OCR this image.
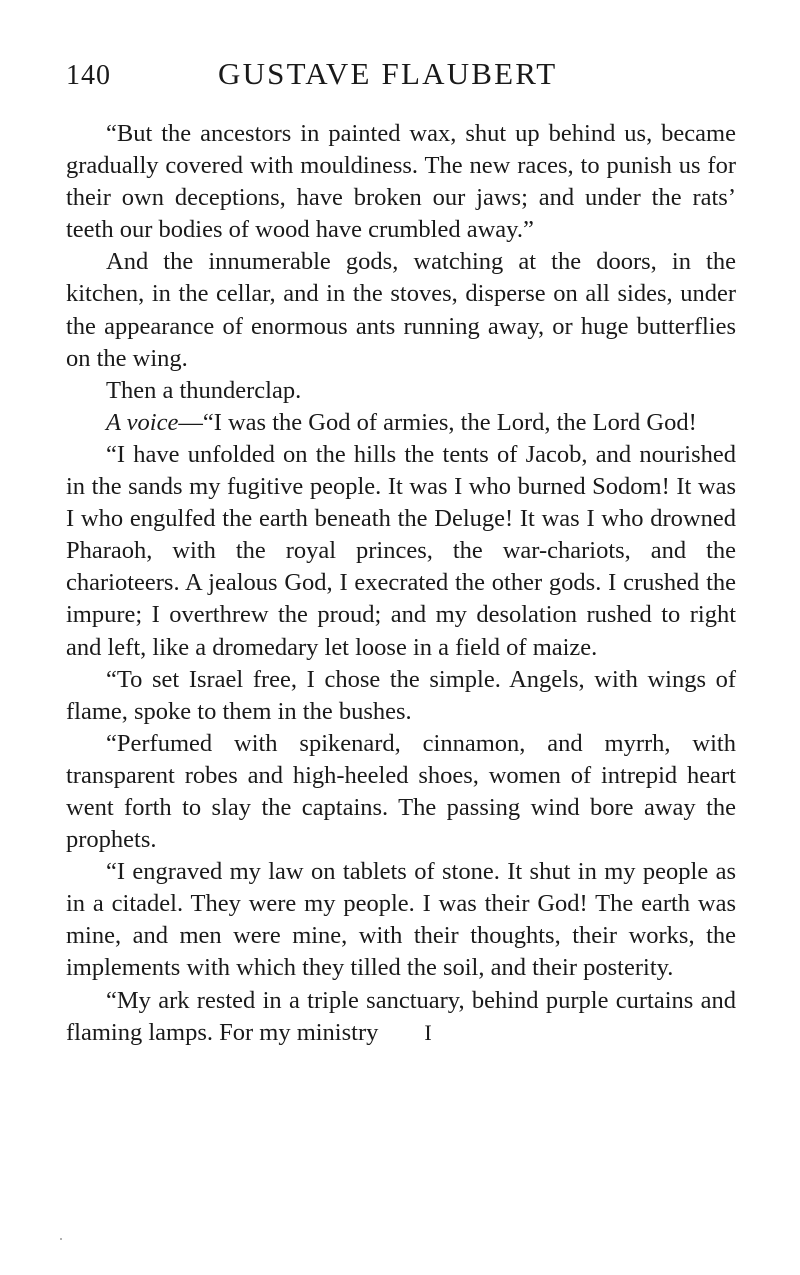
140	GUSTAVE FLAUBERT

“But the ancestors in painted wax, shut up behind us, became gradually covered with mouldiness. The new races, to punish us for their own deceptions, have broken our jaws; and under the rats’ teeth our bodies of wood have crumbled away.”

And the innumerable gods, watching at the doors, in the kitchen, in the cellar, and in the stoves, disperse on all sides, under the appearance of enormous ants running away, or huge butterflies on the wing.

Then a thunderclap.

A voice—“I was the God of armies, the Lord, the Lord God!

“I have unfolded on the hills the tents of Jacob, and nourished in the sands my fugitive people. It was I who burned Sodom! It was I who engulfed the earth beneath the Deluge! It was I who drowned Pharaoh, with the royal princes, the war-chariots, and the charioteers. A jealous God, I execrated the other gods. I crushed the impure; I overthrew the proud; and my desolation rushed to right and left, like a dromedary let loose in a field of maize.

“To set Israel free, I chose the simple. Angels, with wings of flame, spoke to them in the bushes.

“Perfumed with spikenard, cinnamon, and myrrh, with transparent robes and high-heeled shoes, women of intrepid heart went forth to slay the captains. The passing wind bore away the prophets.

“I engraved my law on tablets of stone. It shut in my people as in a citadel. They were my people. I was their God! The earth was mine, and men were mine, with their thoughts, their works, the implements with which they tilled the soil, and their posterity.

“My ark rested in a triple sanctuary, behind purple curtains and flaming lamps. For my ministry I
